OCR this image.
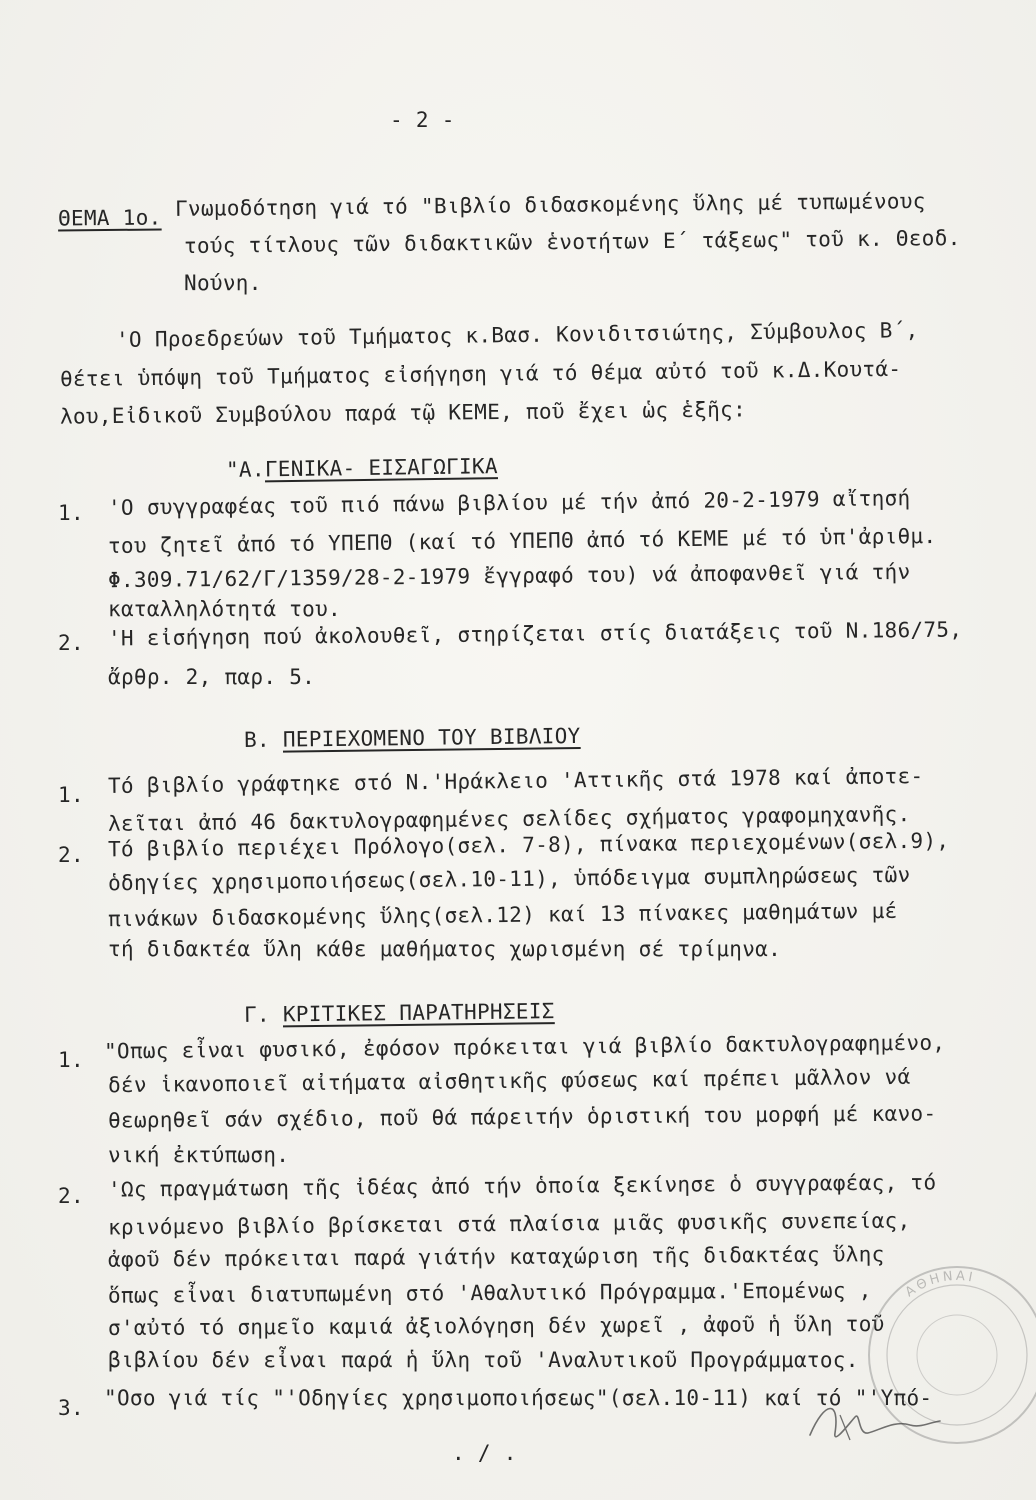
- 2 -
ΘΕΜΑ 1ο. Γνωμοδότηση γιά τό "Βιβλίο διδασκομένης ὕλης μέ τυπωμένους
τούς τίτλους τῶν διδακτικῶν ἑνοτήτων Ε΄ τάξεως" τοῦ κ. Θεοδ.
Νούνη.
'Ο Προεδρεύων τοῦ Τμήματος κ.Βασ. Κονιδιτσιώτης, Σύμβουλος Β΄,
θέτει ὑπόψη τοῦ Τμήματος εἰσήγηση γιά τό θέμα αὐτό τοῦ κ.Δ.Κουτά-
λου,Εἰδικοῦ Συμβούλου παρά τῷ ΚΕΜΕ, ποῦ ἔχει ὡς ἑξῆς:
"Α.ΓΕΝΙΚΑ- ΕΙΣΑΓΩΓΙΚΑ
1. 'Ο συγγραφέας τοῦ πιό πάνω βιβλίου μέ τήν ἀπό 20-2-1979 αἴτησή
του ζητεῖ ἀπό τό ΥΠΕΠΘ (καί τό ΥΠΕΠΘ ἀπό τό ΚΕΜΕ μέ τό ὑπ'ἀριθμ.
Φ.309.71/62/Γ/1359/28-2-1979 ἔγγραφό του) νά ἀποφανθεῖ γιά τήν
καταλληλότητά του.
2. 'Η εἰσήγηση πού ἀκολουθεῖ, στηρίζεται στίς διατάξεις τοῦ Ν.186/75,
ἄρθρ. 2, παρ. 5.
Β. ΠΕΡΙΕΧΟΜΕΝΟ ΤΟΥ ΒΙΒΛΙΟΥ
1. Τό βιβλίο γράφτηκε στό Ν.'Ηράκλειο 'Αττικῆς στά 1978 καί ἀποτε-
λεῖται ἀπό 46 δακτυλογραφημένες σελίδες σχήματος γραφομηχανῆς.
2. Τό βιβλίο περιέχει Πρόλογο(σελ. 7-8), πίνακα περιεχομένων(σελ.9),
ὁδηγίες χρησιμοποιήσεως(σελ.10-11), ὑπόδειγμα συμπληρώσεως τῶν
πινάκων διδασκομένης ὕλης(σελ.12) καί 13 πίνακες μαθημάτων μέ
τή διδακτέα ὕλη κάθε μαθήματος χωρισμένη σέ τρίμηνα.
Γ. ΚΡΙΤΙΚΕΣ ΠΑΡΑΤΗΡΗΣΕΙΣ
1. "Οπως εἶναι φυσικό, ἐφόσον πρόκειται γιά βιβλίο δακτυλογραφημένο,
δέν ἱκανοποιεῖ αἰτήματα αἰσθητικῆς φύσεως καί πρέπει μᾶλλον νά
θεωρηθεῖ σάν σχέδιο, ποῦ θά πάρειτήν ὁριστική του μορφή μέ κανο-
νική ἐκτύπωση.
2. 'Ως πραγμάτωση τῆς ἰδέας ἀπό τήν ὁποία ξεκίνησε ὁ συγγραφέας, τό
κρινόμενο βιβλίο βρίσκεται στά πλαίσια μιᾶς φυσικῆς συνεπείας,
ἀφοῦ δέν πρόκειται παρά γιάτήν καταχώριση τῆς διδακτέας ὕλης
ὅπως εἶναι διατυπωμένη στό 'Αθαλυτικό Πρόγραμμα.'Επομένως ,
σ'αὐτό τό σημεῖο καμιά ἀξιολόγηση δέν χωρεῖ , ἀφοῦ ἡ ὕλη τοῦ
βιβλίου δέν εἶναι παρά ἡ ὕλη τοῦ 'Αναλυτικοῦ Προγράμματος.
3. "Οσο γιά τίς "'Οδηγίες χρησιμοποιήσεως"(σελ.10-11) καί τό "'Υπό-
. / .
ΑΘΗΝΑΙ
